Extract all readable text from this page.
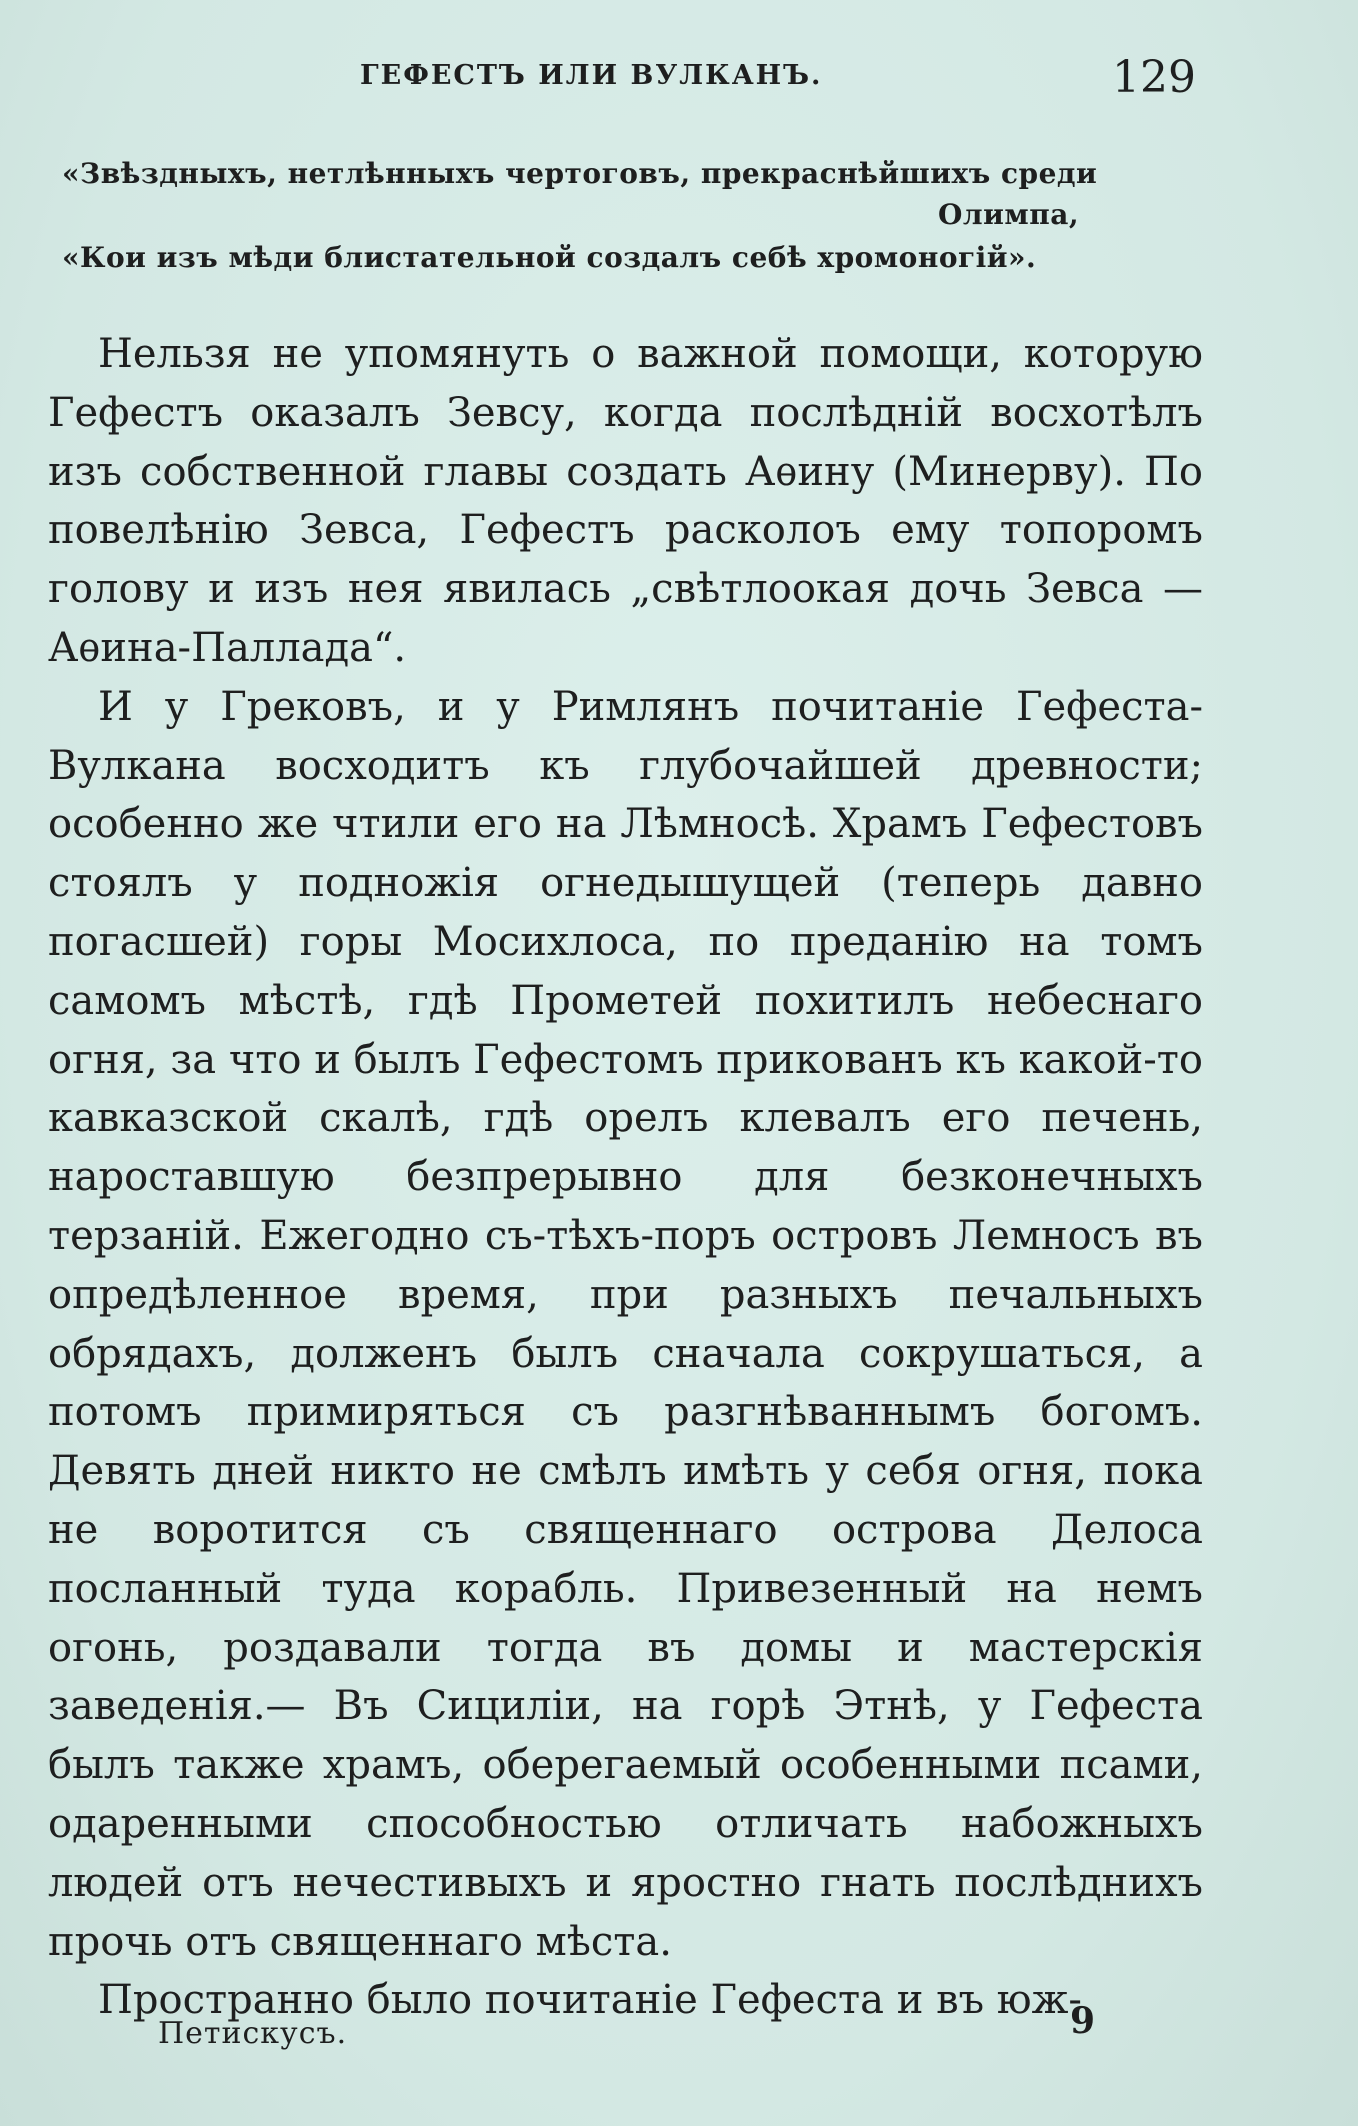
ГЕФЕСТЪ ИЛИ ВУЛКАНЪ.	129
«Звѣздныхъ, нетлѣнныхъ чертоговъ, прекраснѣйшихъ среди
Олимпа,
«Кои изъ мѣди блистательной создалъ себѣ хромоногій».

Нельзя не упомянуть о важной помощи, которую Гефестъ оказалъ Зевсу, когда послѣдній восхотѣлъ изъ собственной главы создать Аѳину (Минерву). По повелѣнію Зевса, Гефестъ расколоъ ему топоромъ голову и изъ нея явилась „свѣтлоокая дочь Зевса — Аѳина-Паллада“.

И у Грековъ, и у Римлянъ почитаніе Гефеста-Вулкана восходитъ къ глубочайшей древности; особенно же чтили его на Лѣмносѣ. Храмъ Гефестовъ стоялъ у подножія огнедышущей (теперь давно погасшей) горы Мосихлоса, по преданію на томъ самомъ мѣстѣ, гдѣ Прометей похитилъ небеснаго огня, за что и былъ Гефестомъ прикованъ къ какой-то кавказской скалѣ, гдѣ орелъ клевалъ его печень, нароставшую безпрерывно для безконечныхъ терзаній. Ежегодно съ-тѣхъ-поръ островъ Лемносъ въ опредѣленное время, при разныхъ печальныхъ обрядахъ, долженъ былъ сначала сокрушаться, а потомъ примиряться съ разгнѣваннымъ богомъ. Девять дней никто не смѣлъ имѣть у себя огня, пока не воротится съ священнаго острова Делоса посланный туда корабль. Привезенный на немъ огонь, роздавали тогда въ домы и мастерскія заведенія.— Въ Сициліи, на горѣ Этнѣ, у Гефеста былъ также храмъ, оберегаемый особенными псами, одаренными способностью отличать набожныхъ людей отъ нечестивыхъ и яростно гнать послѣднихъ прочь отъ священнаго мѣста.

Пространно было почитаніе Гефеста и въ юж-

Петискусъ.	9
